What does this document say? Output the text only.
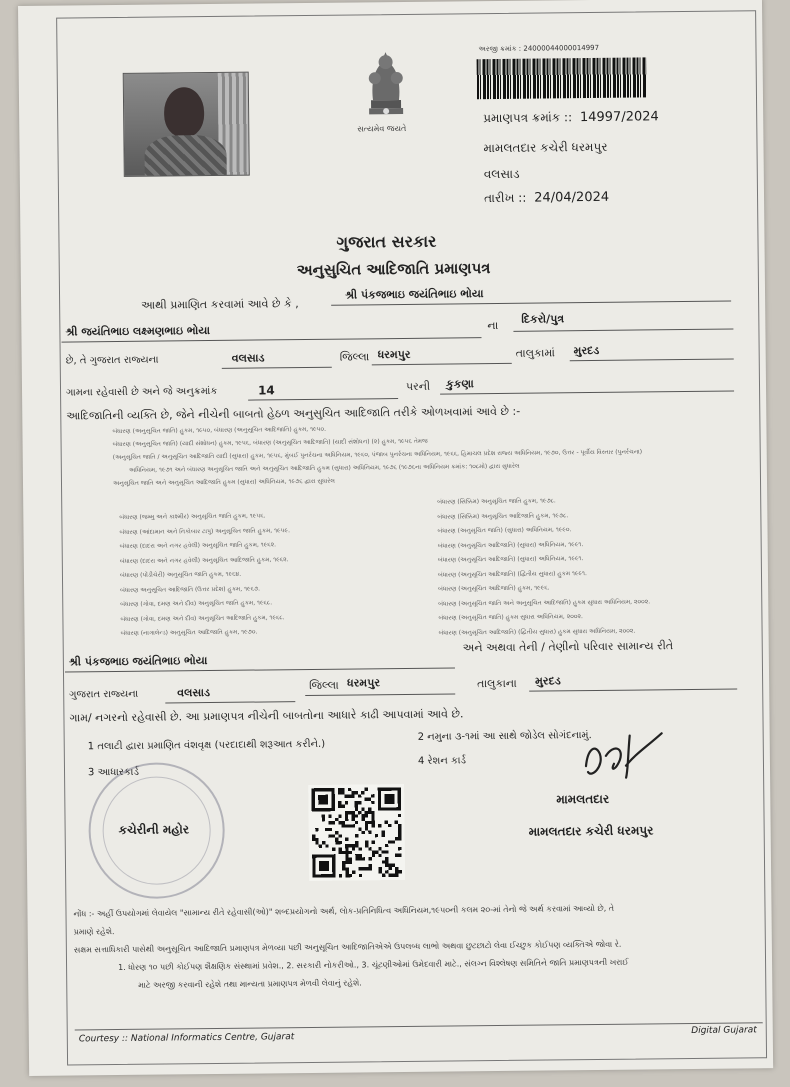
સત્યમેવ જયતે
અરજી ક્રમાંક : 24000044000014997
પ્રમાણપત્ર ક્રમાંક :: 14997/2024
મામલતદાર કચેરી ધરમપુર
વલસાડ
તારીખ :: 24/04/2024
ગુજરાત સરકાર
અનુસુચિત આદિજાતિ પ્રમાણપત્ર
આથી પ્રમાણિત કરવામાં આવે છે કે ,
શ્રી પંકજભાઇ જયંતિભાઇ ભોયા
શ્રી જયંતિભાઇ લક્ષ્મણભાઇ ભોયા	ના દિકરો/પુત્ર
છે, તે ગુજરાત રાજ્યના	વલસાડ	જિલ્લા ધરમપુર	તાલુકામાં મુરદડ
ગામના રહેવાસી છે અને જે અનુક્રમાંક	14	પરની કુકણા
આદિજાતિની વ્યક્તિ છે, જેને નીચેની બાબતો હેઠળ અનુસુચિત આદિજાતિ તરીકે ઓળખવામાં આવે છે :-
બંધારણ (અનુસૂચિત જાતિ) હુકમ, ૧૯૫૦, બંધારણ (અનુસૂચિત આદિજાતિ) હુકમ, ૧૯૫૦.
બંધારણ (અનુસૂચિત જાતિ) (યાદી સંશોધન) હુકમ, ૧૯૫૬, બંધારણ (અનુસૂચિત આદિજાતિ) (યાદી સંશોધન) (૨) હુકમ, ૧૯૫૬ તેમજ
(અનુસૂચિત જાતિ / અનુસૂચિત આદિજાતિ યાદી (સુધારા) હુકમ, ૧૯૫૬, મુંબઈ પુનર્રચના અધિનિયમ, ૧૯૬૦, પંજાબ પુનર્રચના અધિનિયમ, ૧૯૬૬, હિમાચલ પ્રદેશ રાજ્ય અધિનિયમ, ૧૯૭૦, ઉત્તર - પૂર્વીય વિસ્તાર (પુનર્રચના)
અધિનિયમ, ૧૯૭૧ અને બંધારણ અનુસૂચિત જાતિ અને અનુસૂચિત આદિજાતિ હુકમ (સુધારા) અધિનિયમ, ૧૯૭૬ (૧૯૭૬ના અધિનિયમ ક્રમાંક: ૧૦૮મો) દ્વારા સુધારેલ
અનુસૂચિત જાતિ અને અનુસૂચિત આદિજાતિ હુકમ (સુધારા) અધિનિયમ, ૧૯૭૬ દ્વારા સુધારેલ
બંધારણ (જમ્મુ અને કાશ્મીર) અનુસૂચિત જાતિ હુકમ, ૧૯૫૬.
બંધારણ (આંદામાન અને નિકોબાર ટાપુ) અનુસૂચિત જાતિ હુકમ, ૧૯૫૯.
બંધારણ (દાદરા અને નગર હવેલી) અનુસૂચિત જાતિ હુકમ, ૧૯૬૨.
બંધારણ (દાદરા અને નગર હવેલી) અનુસૂચિત આદિજાતિ હુકમ, ૧૯૬૨.
બંધારણ (પોંડીચેરી) અનુસૂચિત જાતિ હુકમ, ૧૯૬૪.
બંધારણ અનુસૂચિત આદિજાતિ (ઉત્તર પ્રદેશ) હુકમ, ૧૯૬૭.
બંધારણ (ગોવા, દમણ અને દીવ) અનુસૂચિત જાતિ હુકમ, ૧૯૬૮.
બંધારણ (ગોવા, દમણ અને દીવ) અનુસૂચિત આદિજાતિ હુકમ, ૧૯૬૮.
બંધારણ (નાગાલેન્ડ) અનુસૂચિત આદિજાતિ હુકમ, ૧૯૭૦.
બંધારણ (સિક્કિમ) અનુસૂચિત જાતિ હુકમ, ૧૯૭૮.
બંધારણ (સિક્કિમ) અનુસૂચિત આદિજાતિ હુકમ, ૧૯૭૮.
બંધારણ (અનુસૂચિત જાતિ) (સુધારા) અધિનિયમ, ૧૯૯૦.
બંધારણ (અનુસૂચિત આદિજાતિ) (સુધારા) અધિનિયમ, ૧૯૯૧.
બંધારણ (અનુસૂચિત આદિજાતિ) (સુધારા) અધિનિયમ, ૧૯૯૧.
બંધારણ (અનુસૂચિત આદિજાતિ) (દ્વિતીય સુધારા) હુકમ ૧૯૯૧.
બંધારણ (અનુસૂચિત આદિજાતિ) હુકમ, ૧૯૯૬.
બંધારણ (અનુસૂચિત જાતિ અને અનુસૂચિત આદિજાતિ) હુકમ સુધારા અધિનિયમ, ૨૦૦૨.
બંધારણ (અનુસૂચિત જાતિ) હુકમ સુધારા અધિનિયમ, ૨૦૦૨.
બંધારણ (અનુસૂચિત આદિજાતિ) (દ્વિતીય સુધારા) હુકમ સુધારા અધિનિયમ, ૨૦૦૨.
શ્રી પંકજભાઇ જયંતિભાઇ ભોયા
અને અથવા તેની / તેણીનો પરિવાર સામાન્ય રીતે
ગુજરાત રાજ્યના	વલસાડ
જિલ્લા ધરમપુર	તાલુકાના મુરદડ
ગામ/ નગરનો રહેવાસી છે. આ પ્રમાણપત્ર નીચેની બાબતોના આધારે કાઢી આપવામાં આવે છે.
1 તલાટી દ્વારા પ્રમાણિત વંશવૃક્ષ (પરદાદાથી શરૂઆત કરીને.)
2 નમુના ૩-૧માં આ સાથે જોડેલ સોગંદનામું.
3 આધારકાર્ડ
4 રેશન કાર્ડ
કચેરીની મહોર
મામલતદાર
મામલતદાર કચેરી ધરમપુર
નોંધ :- અહીં ઉપયોગમાં લેવાયેલ "સામાન્ય રીતે રહેવાસી(ઓ)" શબ્દપ્રયોગનો અર્થ, લોક-પ્રતિનિધિત્વ અધિનિયમ,૧૯૫૦ની કલમ ૨૦-માં તેનો જે અર્થ કરવામાં આવ્યો છે, તે
પ્રમાણે રહેશે.
સક્ષમ સત્તાધિકારી પાસેથી અનુસૂચિત આદિજાતિ પ્રમાણપત્ર મેળવ્યા પછી અનુસૂચિત આદિજાતિએએ ઉપલબ્ધ લાભો અથવા છુટછાટો લેવા ઈચ્છુક કોઈપણ વ્યક્તિએ જોવા રે.
1. ધોરણ ૧૦ પછી કોઈપણ શૈક્ષણિક સંસ્થામાં પ્રવેશ., 2. સરકારી નોકરીઓ., 3. ચૂંટણીઓમાં ઉમેદવારી માટે., સંલગ્ન વિશ્લેષણ સમિતિને જાતિ પ્રમાણપત્રની ખરાઈ
માટે અરજી કરવાની રહેશે તથા માન્યતા પ્રમાણપત્ર મેળવી લેવાનું રહેશે.
Courtesy :: National Informatics Centre, Gujarat
Digital Gujarat
